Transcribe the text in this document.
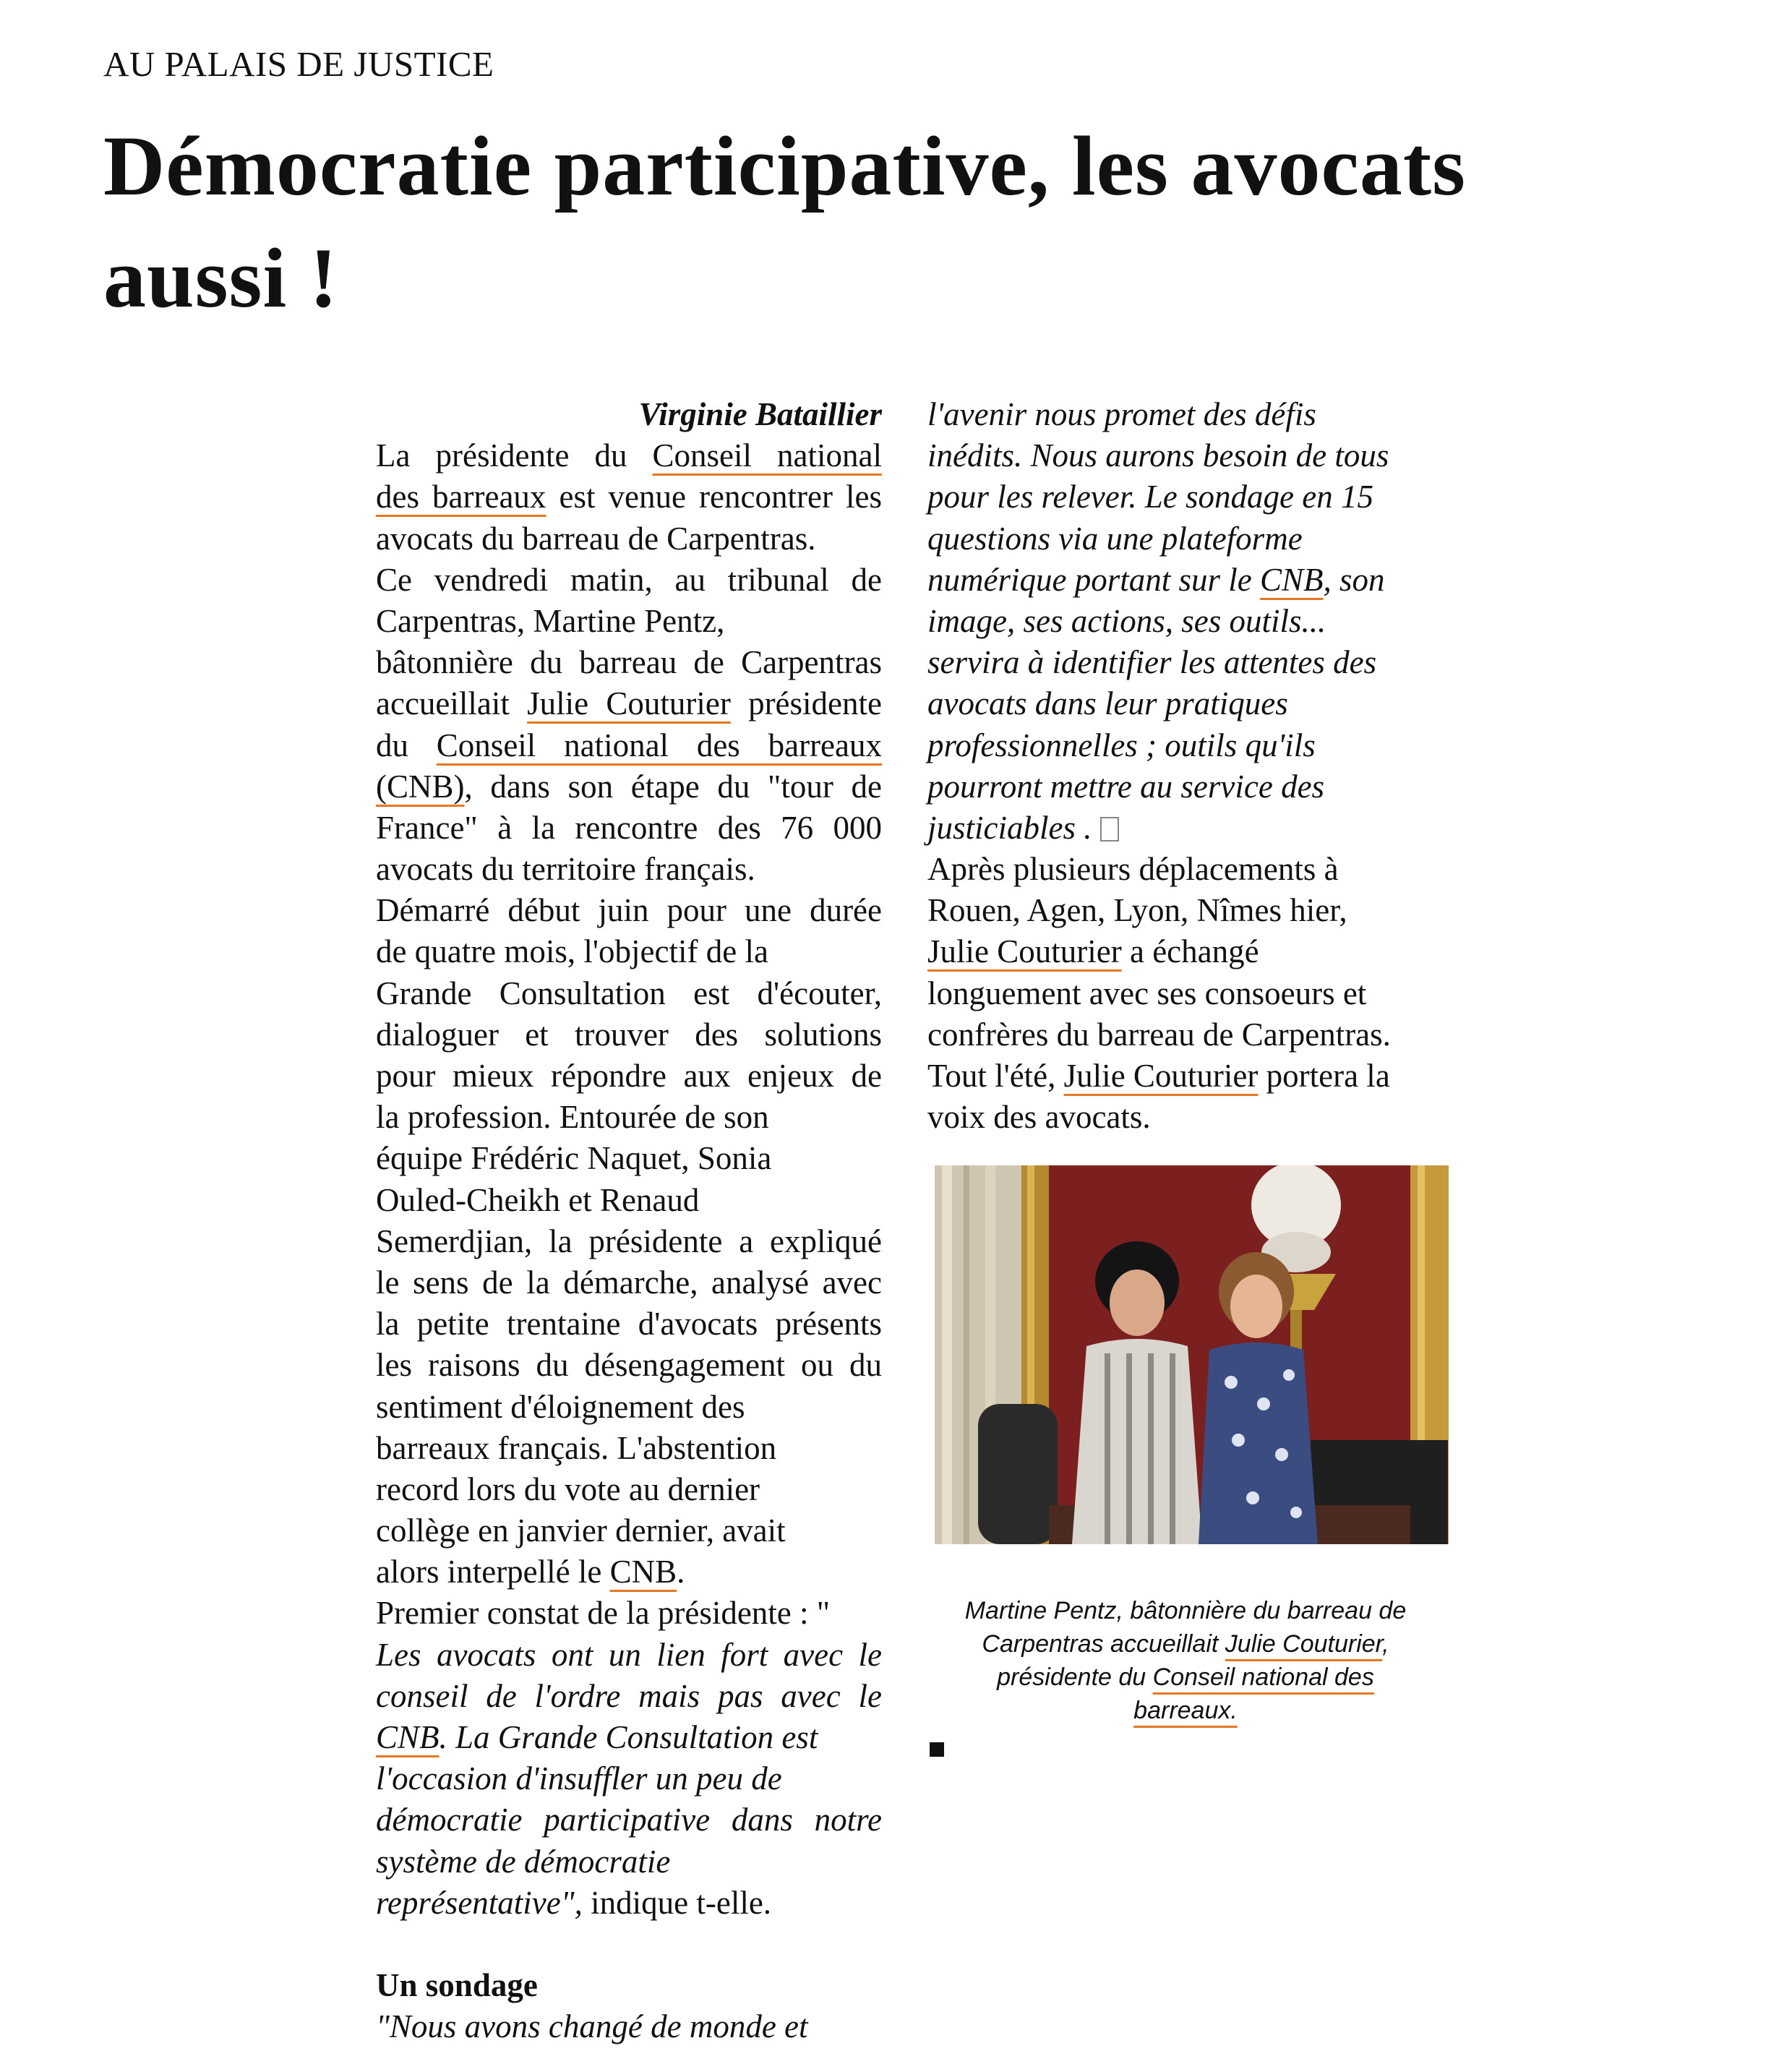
AU PALAIS DE JUSTICE
Démocratie participative, les avocats
aussi !
Virginie Bataillier
La présidente du Conseil national
des barreaux est venue rencontrer les
avocats du barreau de Carpentras.
Ce vendredi matin, au tribunal de
Carpentras, Martine Pentz,
bâtonnière du barreau de Carpentras
accueillait Julie Couturier présidente
du Conseil national des barreaux
(CNB), dans son étape du "tour de
France" à la rencontre des 76 000
avocats du territoire français.
Démarré début juin pour une durée
de quatre mois, l'objectif de la
Grande Consultation est d'écouter,
dialoguer et trouver des solutions
pour mieux répondre aux enjeux de
la profession. Entourée de son
équipe Frédéric Naquet, Sonia
Ouled-Cheikh et Renaud
Semerdjian, la présidente a expliqué
le sens de la démarche, analysé avec
la petite trentaine d'avocats présents
les raisons du désengagement ou du
sentiment d'éloignement des
barreaux français. L'abstention
record lors du vote au dernier
collège en janvier dernier, avait
alors interpellé le CNB.
Premier constat de la présidente : "
Les avocats ont un lien fort avec le
conseil de l'ordre mais pas avec le
CNB. La Grande Consultation est
l'occasion d'insuffler un peu de
démocratie participative dans notre
système de démocratie
représentative", indique t-elle.
Un sondage
"Nous avons changé de monde et
l'avenir nous promet des défis
inédits. Nous aurons besoin de tous
pour les relever. Le sondage en 15
questions via une plateforme
numérique portant sur le CNB, son
image, ses actions, ses outils...
servira à identifier les attentes des
avocats dans leur pratiques
professionnelles ; outils qu'ils
pourront mettre au service des
justiciables .
Après plusieurs déplacements à
Rouen, Agen, Lyon, Nîmes hier,
Julie Couturier a échangé
longuement avec ses consoeurs et
confrères du barreau de Carpentras.
Tout l'été, Julie Couturier portera la
voix des avocats.
Martine Pentz, bâtonnière du barreau de
Carpentras accueillait Julie Couturier,
présidente du Conseil national des
barreaux.
